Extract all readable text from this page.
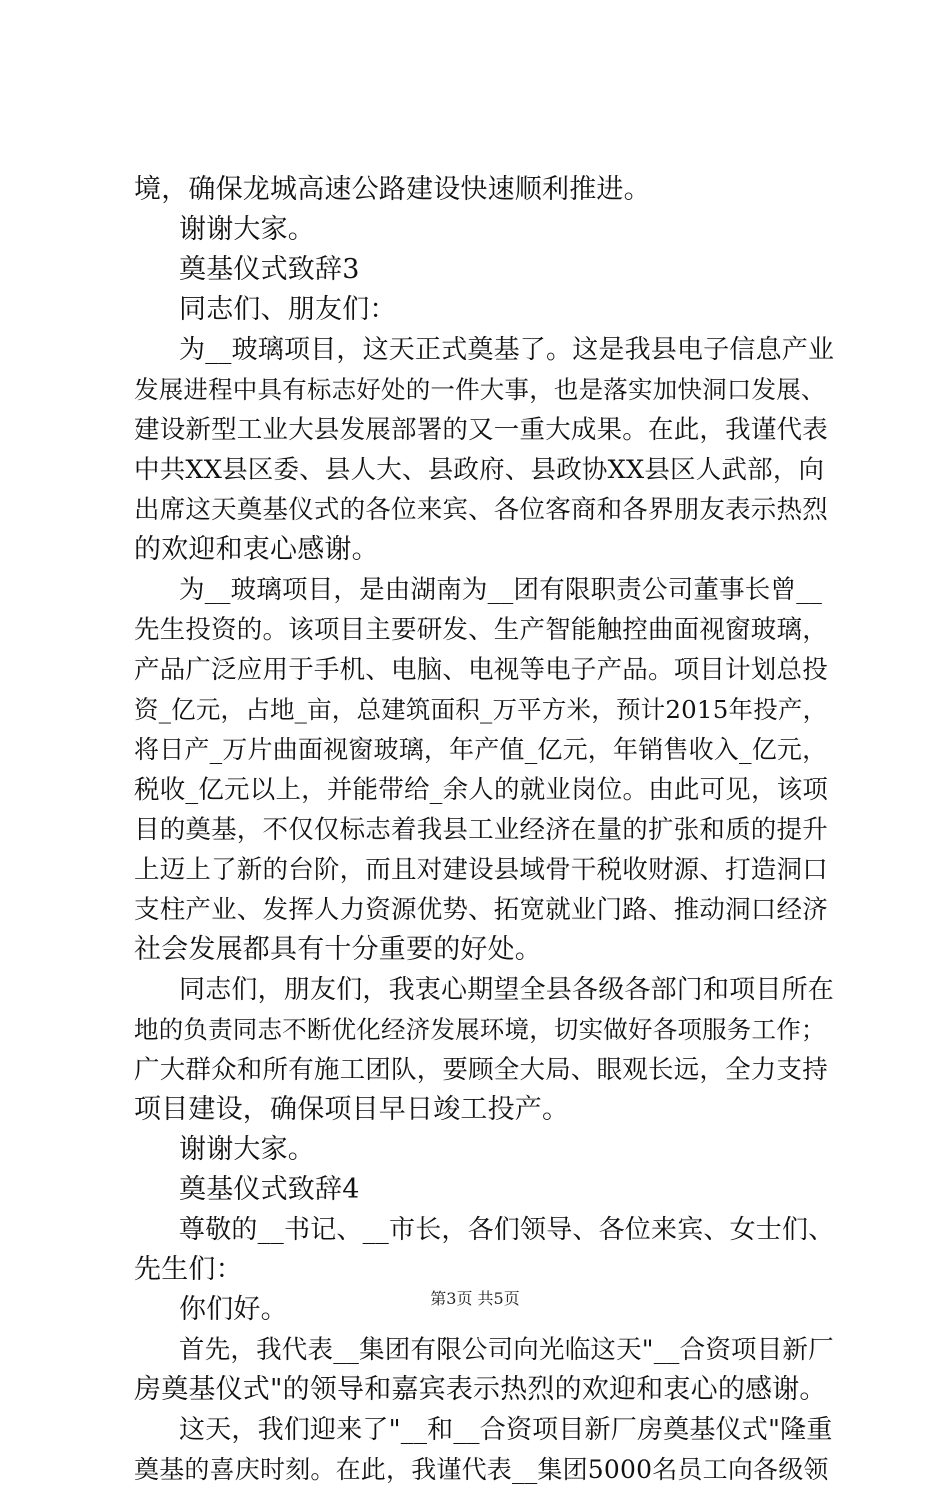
境，确保龙城高速公路建设快速顺利推进。
谢谢大家。
奠基仪式致辞3
同志们、朋友们：
为__玻璃项目，这天正式奠基了。这是我县电子信息产业
发展进程中具有标志好处的一件大事，也是落实加快洞口发展、
建设新型工业大县发展部署的又一重大成果。在此，我谨代表
中共XX县区委、县人大、县政府、县政协XX县区人武部，向
出席这天奠基仪式的各位来宾、各位客商和各界朋友表示热烈
的欢迎和衷心感谢。
为__玻璃项目，是由湖南为__团有限职责公司董事长曾__
先生投资的。该项目主要研发、生产智能触控曲面视窗玻璃，
产品广泛应用于手机、电脑、电视等电子产品。项目计划总投
资_亿元，占地_亩，总建筑面积_万平方米，预计2015年投产，
将日产_万片曲面视窗玻璃，年产值_亿元，年销售收入_亿元，
税收_亿元以上，并能带给_余人的就业岗位。由此可见，该项
目的奠基，不仅仅标志着我县工业经济在量的扩张和质的提升
上迈上了新的台阶，而且对建设县域骨干税收财源、打造洞口
支柱产业、发挥人力资源优势、拓宽就业门路、推动洞口经济
社会发展都具有十分重要的好处。
同志们，朋友们，我衷心期望全县各级各部门和项目所在
地的负责同志不断优化经济发展环境，切实做好各项服务工作；
广大群众和所有施工团队，要顾全大局、眼观长远，全力支持
项目建设，确保项目早日竣工投产。
谢谢大家。
奠基仪式致辞4
尊敬的__书记、__市长，各们领导、各位来宾、女士们、
先生们：
你们好。
首先，我代表__集团有限公司向光临这天"__合资项目新厂
房奠基仪式"的领导和嘉宾表示热烈的欢迎和衷心的感谢。
这天，我们迎来了"__和__合资项目新厂房奠基仪式"隆重
奠基的喜庆时刻。在此，我谨代表__集团5000名员工向各级领
第3页 共5页
